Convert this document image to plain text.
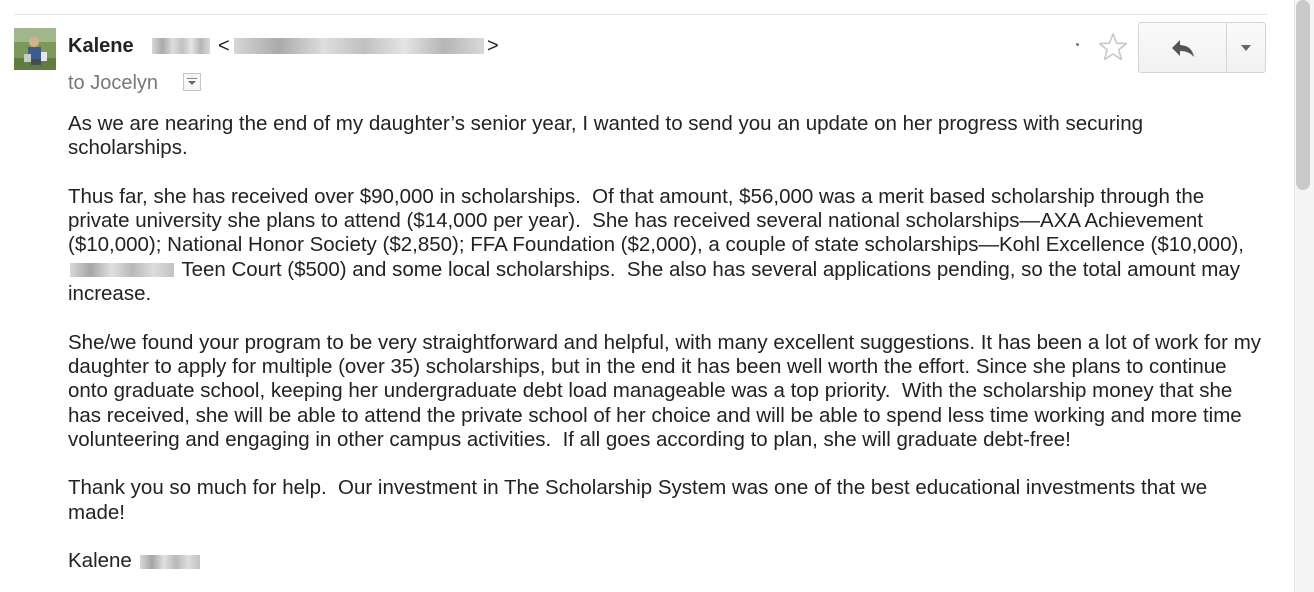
Kalene	<	>
to Jocelyn

As we are nearing the end of my daughter’s senior year, I wanted to send you an update on her progress with securing scholarships.

Thus far, she has received over $90,000 in scholarships.  Of that amount, $56,000 was a merit based scholarship through the private university she plans to attend ($14,000 per year).  She has received several national scholarships—AXA Achievement ($10,000); National Honor Society ($2,850); FFA Foundation ($2,000), a couple of state scholarships—Kohl Excellence ($10,000),  Teen Court ($500) and some local scholarships.  She also has several applications pending, so the total amount may increase.

She/we found your program to be very straightforward and helpful, with many excellent suggestions. It has been a lot of work for my daughter to apply for multiple (over 35) scholarships, but in the end it has been well worth the effort. Since she plans to continue onto graduate school, keeping her undergraduate debt load manageable was a top priority.  With the scholarship money that she has received, she will be able to attend the private school of her choice and will be able to spend less time working and more time volunteering and engaging in other campus activities.  If all goes according to plan, she will graduate debt-free!

Thank you so much for help.  Our investment in The Scholarship System was one of the best educational investments that we made!

Kalene
